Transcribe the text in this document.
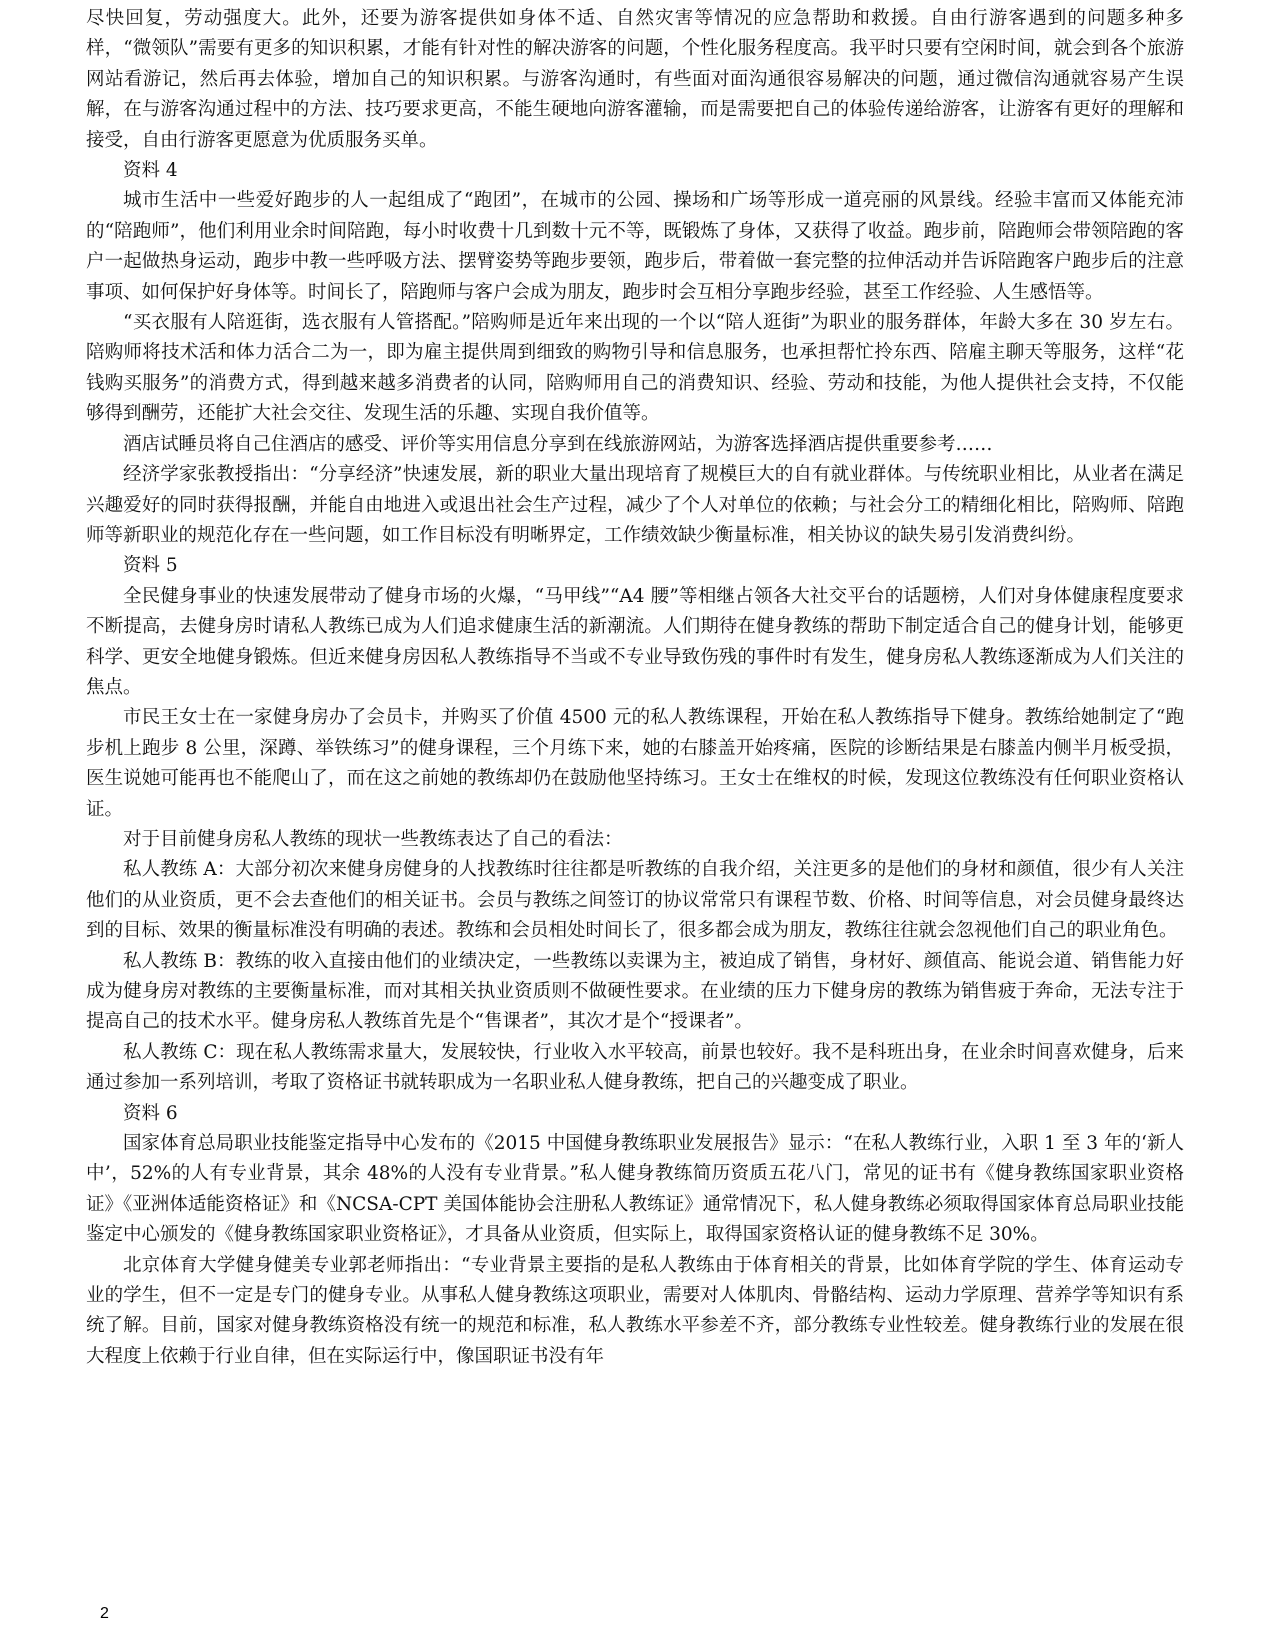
尽快回复，劳动强度大。此外，还要为游客提供如身体不适、自然灾害等情况的应急帮助和救援。自由行游客遇到的问题多种多样，“微领队”需要有更多的知识积累，才能有针对性的解决游客的问题，个性化服务程度高。我平时只要有空闲时间，就会到各个旅游网站看游记，然后再去体验，增加自己的知识积累。与游客沟通时，有些面对面沟通很容易解决的问题，通过微信沟通就容易产生误解，在与游客沟通过程中的方法、技巧要求更高，不能生硬地向游客灌输，而是需要把自己的体验传递给游客，让游客有更好的理解和接受，自由行游客更愿意为优质服务买单。

资料 4

城市生活中一些爱好跑步的人一起组成了“跑团”，在城市的公园、操场和广场等形成一道亮丽的风景线。经验丰富而又体能充沛的“陪跑师”，他们利用业余时间陪跑，每小时收费十几到数十元不等，既锻炼了身体，又获得了收益。跑步前，陪跑师会带领陪跑的客户一起做热身运动，跑步中教一些呼吸方法、摆臂姿势等跑步要领，跑步后，带着做一套完整的拉伸活动并告诉陪跑客户跑步后的注意事项、如何保护好身体等。时间长了，陪跑师与客户会成为朋友，跑步时会互相分享跑步经验，甚至工作经验、人生感悟等。

“买衣服有人陪逛街，选衣服有人管搭配。”陪购师是近年来出现的一个以“陪人逛街”为职业的服务群体，年龄大多在 30 岁左右。陪购师将技术活和体力活合二为一，即为雇主提供周到细致的购物引导和信息服务，也承担帮忙拎东西、陪雇主聊天等服务，这样“花钱购买服务”的消费方式，得到越来越多消费者的认同，陪购师用自己的消费知识、经验、劳动和技能，为他人提供社会支持，不仅能够得到酬劳，还能扩大社会交往、发现生活的乐趣、实现自我价值等。

酒店试睡员将自己住酒店的感受、评价等实用信息分享到在线旅游网站，为游客选择酒店提供重要参考……

经济学家张教授指出：“分享经济”快速发展，新的职业大量出现培育了规模巨大的自有就业群体。与传统职业相比，从业者在满足兴趣爱好的同时获得报酬，并能自由地进入或退出社会生产过程，减少了个人对单位的依赖；与社会分工的精细化相比，陪购师、陪跑师等新职业的规范化存在一些问题，如工作目标没有明晰界定，工作绩效缺少衡量标准，相关协议的缺失易引发消费纠纷。

资料 5

全民健身事业的快速发展带动了健身市场的火爆，“马甲线”“A4 腰”等相继占领各大社交平台的话题榜，人们对身体健康程度要求不断提高，去健身房时请私人教练已成为人们追求健康生活的新潮流。人们期待在健身教练的帮助下制定适合自己的健身计划，能够更科学、更安全地健身锻炼。但近来健身房因私人教练指导不当或不专业导致伤残的事件时有发生，健身房私人教练逐渐成为人们关注的焦点。

市民王女士在一家健身房办了会员卡，并购买了价值 4500 元的私人教练课程，开始在私人教练指导下健身。教练给她制定了“跑步机上跑步 8 公里，深蹲、举铁练习”的健身课程，三个月练下来，她的右膝盖开始疼痛，医院的诊断结果是右膝盖内侧半月板受损，医生说她可能再也不能爬山了，而在这之前她的教练却仍在鼓励他坚持练习。王女士在维权的时候，发现这位教练没有任何职业资格认证。

对于目前健身房私人教练的现状一些教练表达了自己的看法：

私人教练 A：大部分初次来健身房健身的人找教练时往往都是听教练的自我介绍，关注更多的是他们的身材和颜值，很少有人关注他们的从业资质，更不会去查他们的相关证书。会员与教练之间签订的协议常常只有课程节数、价格、时间等信息，对会员健身最终达到的目标、效果的衡量标准没有明确的表述。教练和会员相处时间长了，很多都会成为朋友，教练往往就会忽视他们自己的职业角色。

私人教练 B：教练的收入直接由他们的业绩决定，一些教练以卖课为主，被迫成了销售，身材好、颜值高、能说会道、销售能力好成为健身房对教练的主要衡量标准，而对其相关执业资质则不做硬性要求。在业绩的压力下健身房的教练为销售疲于奔命，无法专注于提高自己的技术水平。健身房私人教练首先是个“售课者”，其次才是个“授课者”。

私人教练 C：现在私人教练需求量大，发展较快，行业收入水平较高，前景也较好。我不是科班出身，在业余时间喜欢健身，后来通过参加一系列培训，考取了资格证书就转职成为一名职业私人健身教练，把自己的兴趣变成了职业。

资料 6

国家体育总局职业技能鉴定指导中心发布的《2015 中国健身教练职业发展报告》显示：“在私人教练行业，入职 1 至 3 年的‘新人中’，52%的人有专业背景，其余 48%的人没有专业背景。”私人健身教练简历资质五花八门，常见的证书有《健身教练国家职业资格证》《亚洲体适能资格证》和《NCSA-CPT 美国体能协会注册私人教练证》通常情况下，私人健身教练必须取得国家体育总局职业技能鉴定中心颁发的《健身教练国家职业资格证》，才具备从业资质，但实际上，取得国家资格认证的健身教练不足 30%。

北京体育大学健身健美专业郭老师指出：“专业背景主要指的是私人教练由于体育相关的背景，比如体育学院的学生、体育运动专业的学生，但不一定是专门的健身专业。从事私人健身教练这项职业，需要对人体肌肉、骨骼结构、运动力学原理、营养学等知识有系统了解。目前，国家对健身教练资格没有统一的规范和标准，私人教练水平参差不齐，部分教练专业性较差。健身教练行业的发展在很大程度上依赖于行业自律，但在实际运行中，像国职证书没有年

2
